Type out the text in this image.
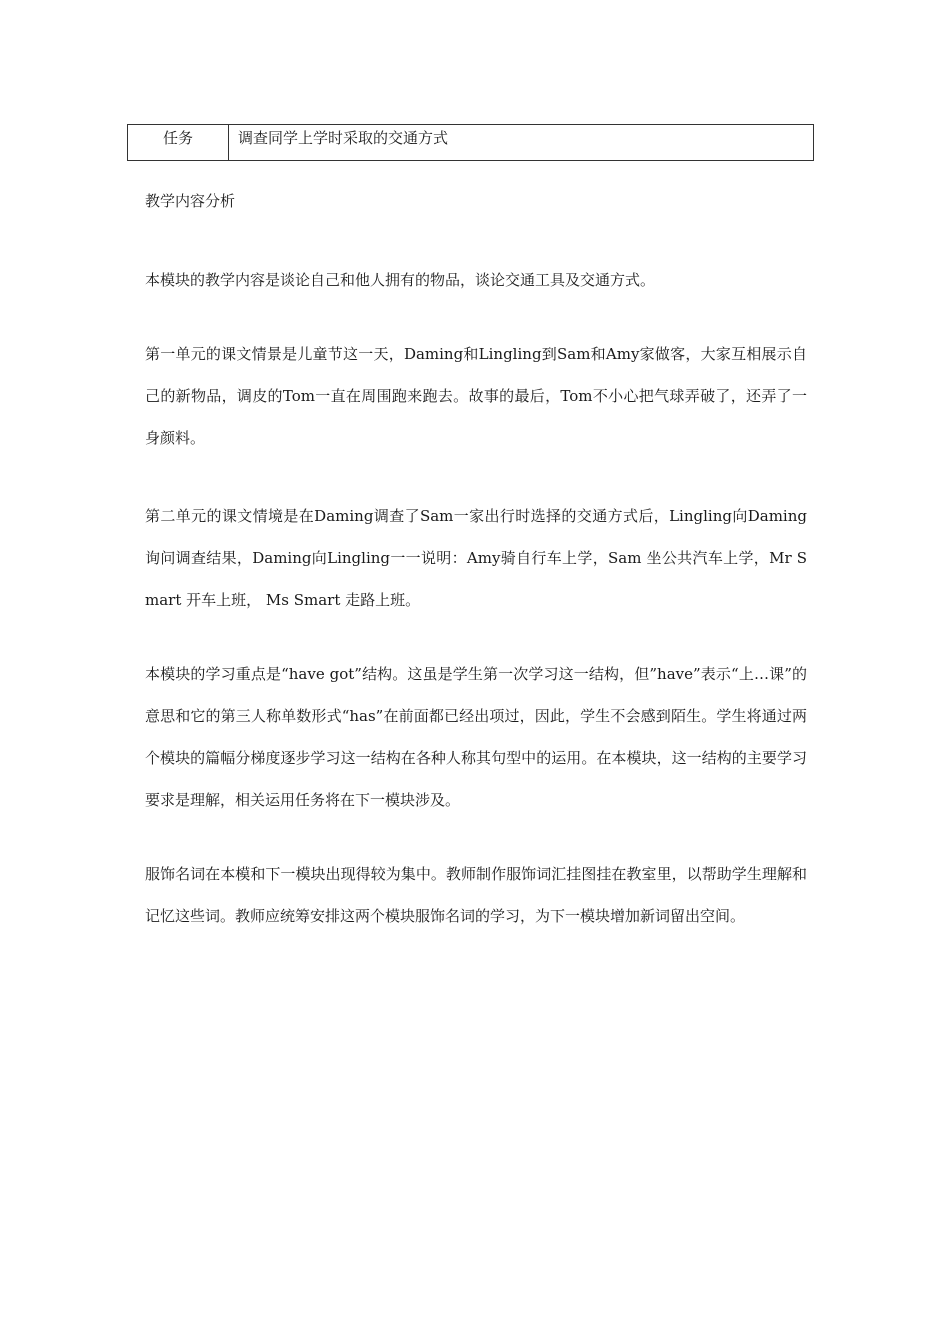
任务	调查同学上学时采取的交通方式

教学内容分析

本模块的教学内容是谈论自己和他人拥有的物品，谈论交通工具及交通方式。

第一单元的课文情景是儿童节这一天，Daming和Lingling到Sam和Amy家做客，大家互相展示自己的新物品，调皮的Tom一直在周围跑来跑去。故事的最后，Tom不小心把气球弄破了，还弄了一身颜料。

第二单元的课文情境是在Daming调查了Sam一家出行时选择的交通方式后，Lingling向Daming询问调查结果，Daming向Lingling一一说明：Amy骑自行车上学，Sam 坐公共汽车上学，Mr Smart 开车上班， Ms Smart 走路上班。

本模块的学习重点是“have got”结构。这虽是学生第一次学习这一结构，但”have”表示“上…课”的意思和它的第三人称单数形式“has”在前面都已经出项过，因此，学生不会感到陌生。学生将通过两个模块的篇幅分梯度逐步学习这一结构在各种人称其句型中的运用。在本模块，这一结构的主要学习要求是理解，相关运用任务将在下一模块涉及。

服饰名词在本模和下一模块出现得较为集中。教师制作服饰词汇挂图挂在教室里，以帮助学生理解和记忆这些词。教师应统筹安排这两个模块服饰名词的学习，为下一模块增加新词留出空间。
